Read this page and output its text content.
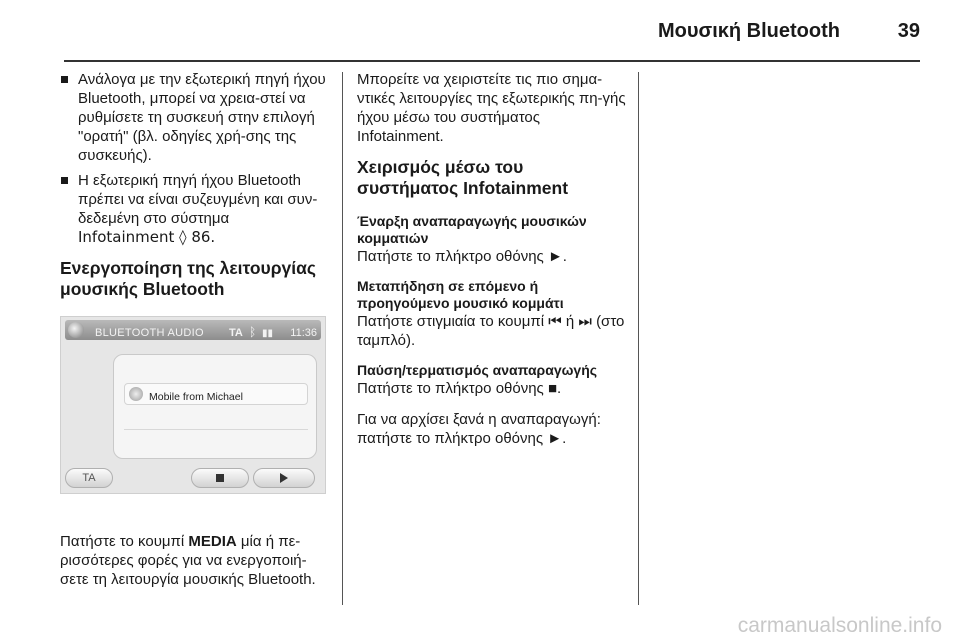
Μουσική Bluetooth	39
Ανάλογα με την εξωτερική πηγή ήχου Bluetooth, μπορεί να χρεια-στεί να ρυθμίσετε τη συσκευή στην επιλογή "ορατή" (βλ. οδηγίες χρή-σης της συσκευής).
Η εξωτερική πηγή ήχου Bluetooth πρέπει να είναι συζευγμένη και συν-δεδεμένη στο σύστημα
Infotainment ◊ 86.
Ενεργοποίηση της λειτουργίας μουσικής Bluetooth
BLUETOOTH AUDIO TA ᛒ ▮▮ 11:36
Mobile from Michael
TA

Πατήστε το κουμπί MEDIA μία ή πε-ρισσότερες φορές για να ενεργοποιή-σετε τη λειτουργία μουσικής Bluetooth.

Μπορείτε να χειριστείτε τις πιο σημα-ντικές λειτουργίες της εξωτερικής πη-γής ήχου μέσω του συστήματος Infotainment.

Χειρισμός μέσω του συστήματος Infotainment
Έναρξη αναπαραγωγής μουσικών κομματιών

Πατήστε το πλήκτρο οθόνης ►.

Μεταπήδηση σε επόμενο ή προηγούμενο μουσικό κομμάτι

Πατήστε στιγμιαία το κουμπί ⏮ ή ⏭ (στο ταμπλό).

Παύση/τερματισμός αναπαραγωγής

Πατήστε το πλήκτρο οθόνης ■.

Για να αρχίσει ξανά η αναπαραγωγή: πατήστε το πλήκτρο οθόνης ►.

carmanualsonline.info
